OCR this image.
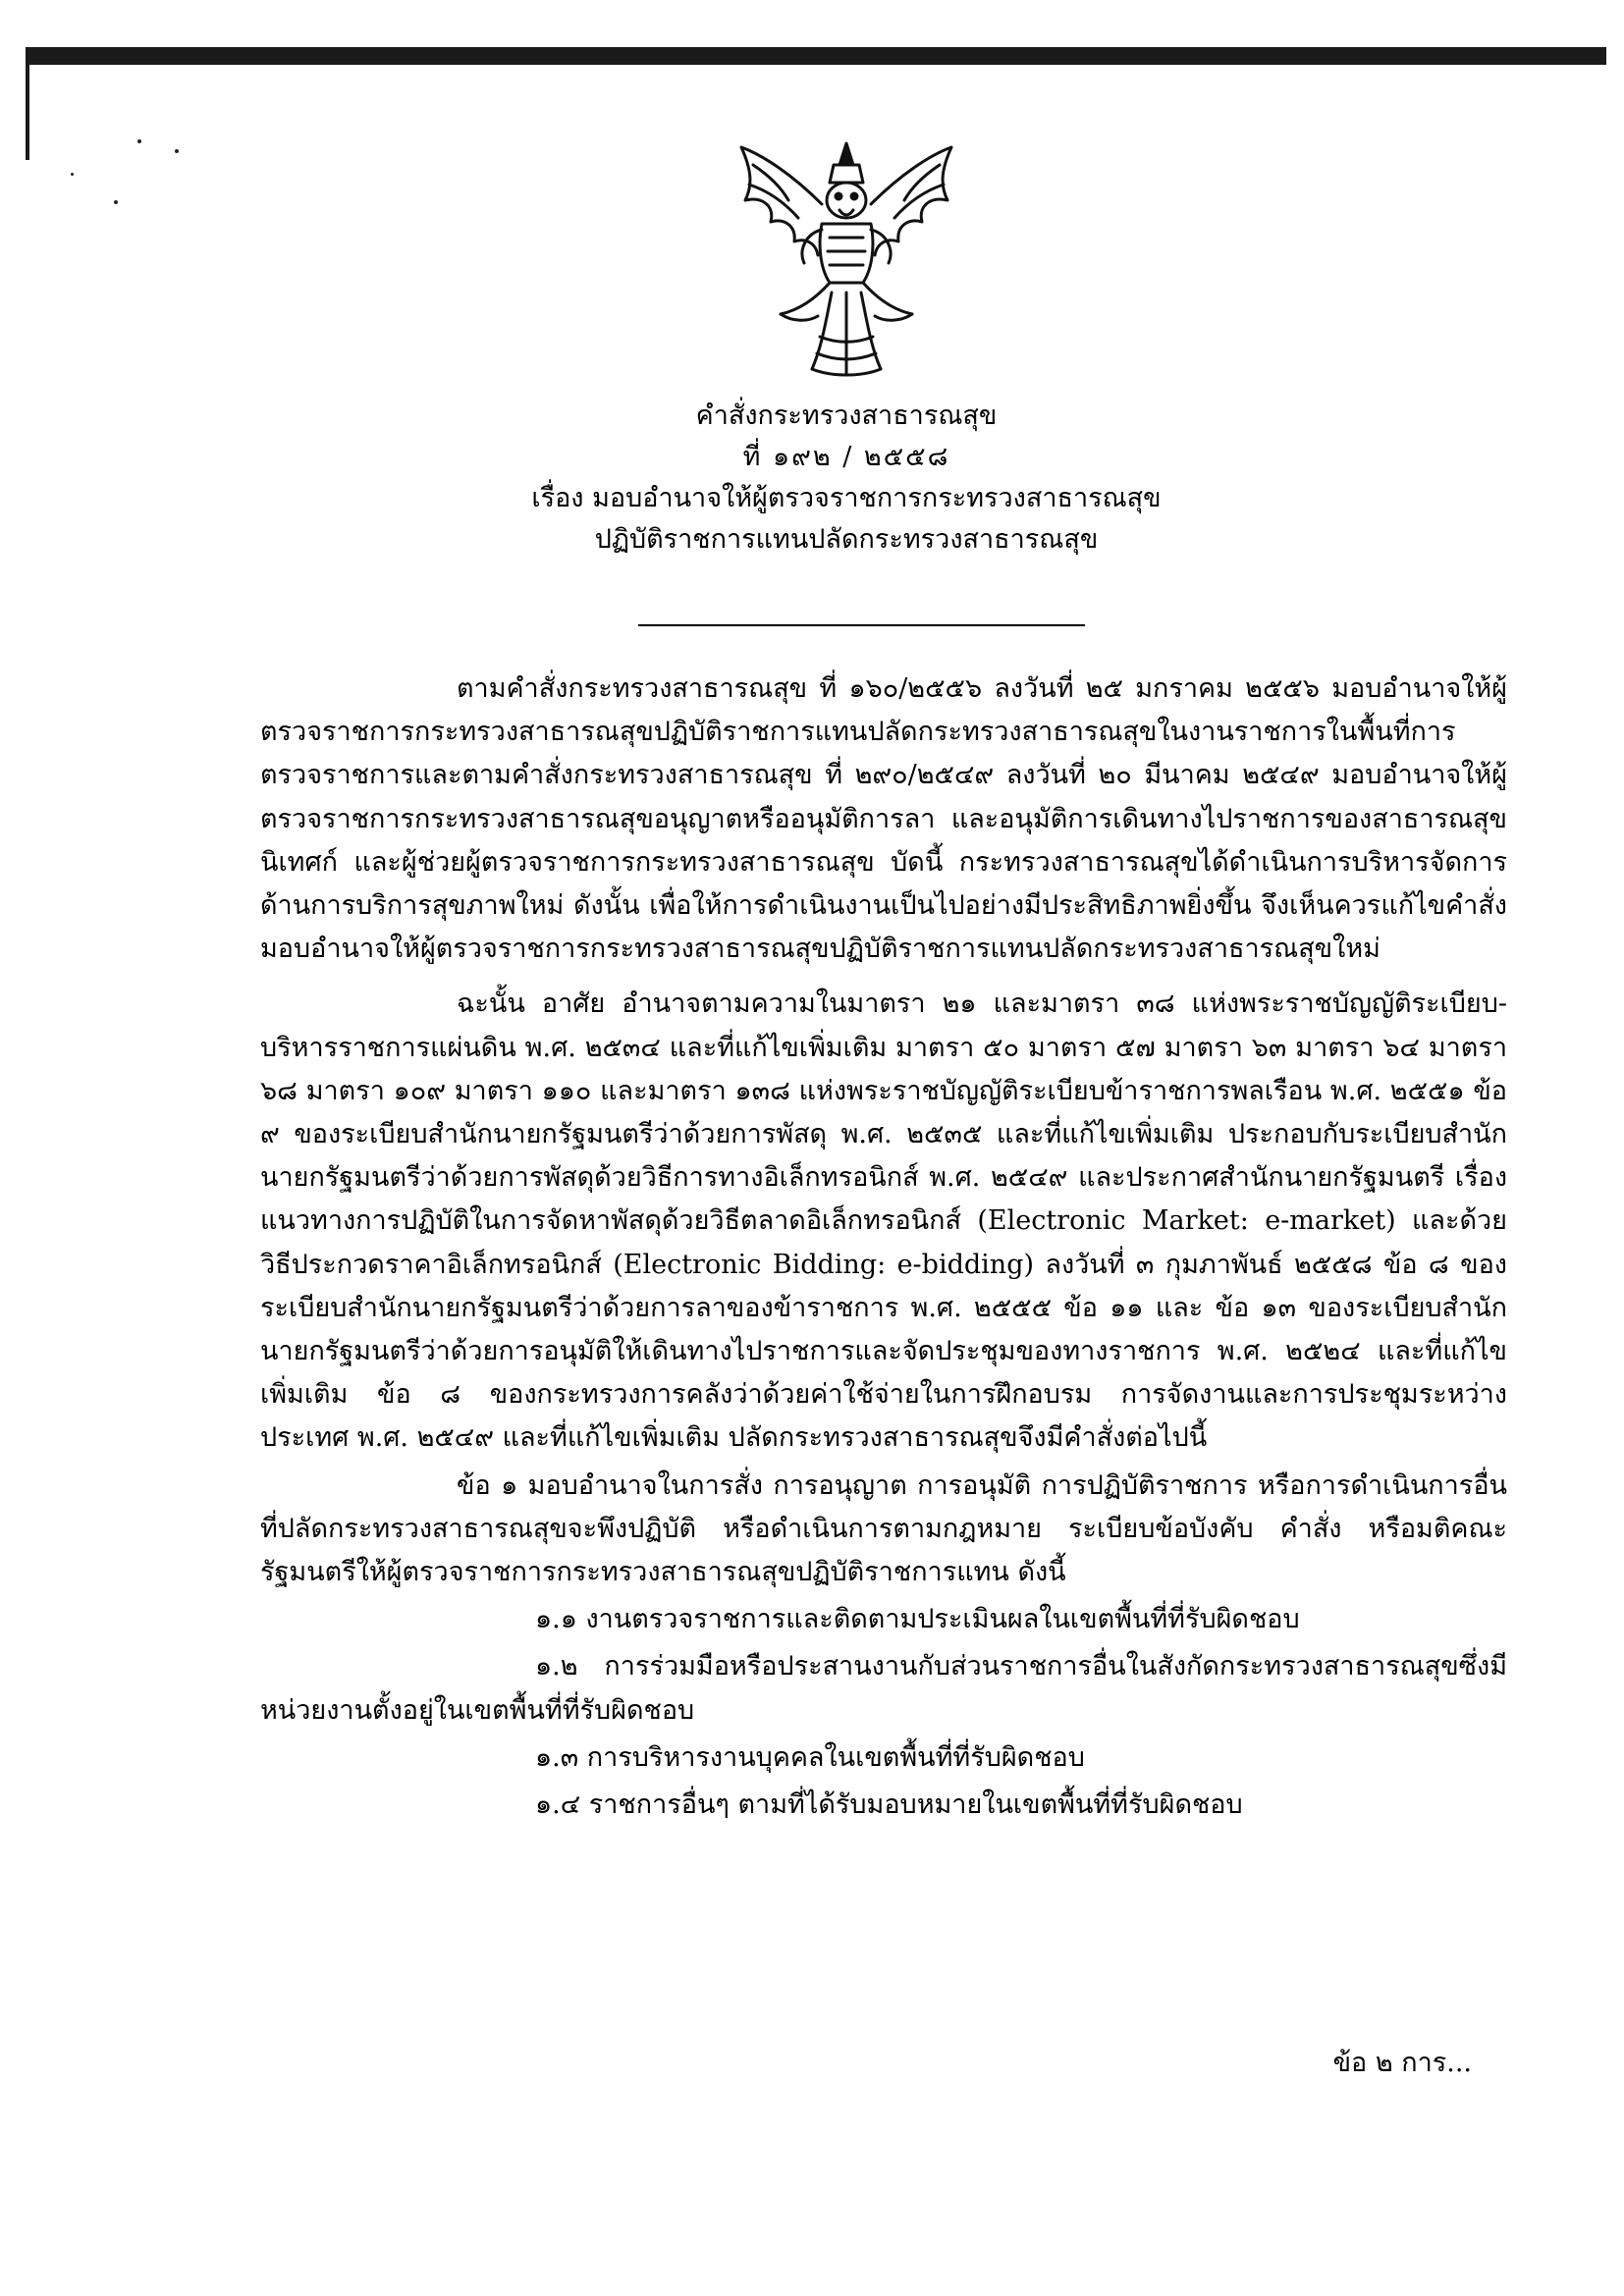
คำสั่งกระทรวงสาธารณสุข
ที่ ๑๙๒ / ๒๕๕๘
เรื่อง มอบอำนาจให้ผู้ตรวจราชการกระทรวงสาธารณสุข
ปฏิบัติราชการแทนปลัดกระทรวงสาธารณสุข

ตามคำสั่งกระทรวงสาธารณสุข ที่ ๑๖๐/๒๕๕๖ ลงวันที่ ๒๕ มกราคม ๒๕๕๖ มอบอำนาจให้ผู้ตรวจราชการกระทรวงสาธารณสุขปฏิบัติราชการแทนปลัดกระทรวงสาธารณสุขในงานราชการในพื้นที่การตรวจราชการและตามคำสั่งกระทรวงสาธารณสุข ที่ ๒๙๐/๒๕๔๙ ลงวันที่ ๒๐ มีนาคม ๒๕๔๙ มอบอำนาจให้ผู้ตรวจราชการกระทรวงสาธารณสุขอนุญาตหรืออนุมัติการลา และอนุมัติการเดินทางไปราชการของสาธารณสุขนิเทศก์ และผู้ช่วยผู้ตรวจราชการกระทรวงสาธารณสุข บัดนี้ กระทรวงสาธารณสุขได้ดำเนินการบริหารจัดการด้านการบริการสุขภาพใหม่ ดังนั้น เพื่อให้การดำเนินงานเป็นไปอย่างมีประสิทธิภาพยิ่งขึ้น จึงเห็นควรแก้ไขคำสั่งมอบอำนาจให้ผู้ตรวจราชการกระทรวงสาธารณสุขปฏิบัติราชการแทนปลัดกระทรวงสาธารณสุขใหม่

ฉะนั้น อาศัย อำนาจตามความในมาตรา ๒๑ และมาตรา ๓๘ แห่งพระราชบัญญัติระเบียบ-บริหารราชการแผ่นดิน พ.ศ. ๒๕๓๔ และที่แก้ไขเพิ่มเติม มาตรา ๕๐ มาตรา ๕๗ มาตรา ๖๓ มาตรา ๖๔ มาตรา ๖๘ มาตรา ๑๐๙ มาตรา ๑๑๐ และมาตรา ๑๓๘ แห่งพระราชบัญญัติระเบียบข้าราชการพลเรือน พ.ศ. ๒๕๕๑ ข้อ ๙ ของระเบียบสำนักนายกรัฐมนตรีว่าด้วยการพัสดุ พ.ศ. ๒๕๓๕ และที่แก้ไขเพิ่มเติม ประกอบกับระเบียบสำนักนายกรัฐมนตรีว่าด้วยการพัสดุด้วยวิธีการทางอิเล็กทรอนิกส์ พ.ศ. ๒๕๔๙ และประกาศสำนักนายกรัฐมนตรี เรื่อง แนวทางการปฏิบัติในการจัดหาพัสดุด้วยวิธีตลาดอิเล็กทรอนิกส์ (Electronic Market: e-market) และด้วยวิธีประกวดราคาอิเล็กทรอนิกส์ (Electronic Bidding: e-bidding) ลงวันที่ ๓ กุมภาพันธ์ ๒๕๕๘ ข้อ ๘ ของระเบียบสำนักนายกรัฐมนตรีว่าด้วยการลาของข้าราชการ พ.ศ. ๒๕๕๕ ข้อ ๑๑ และ ข้อ ๑๓ ของระเบียบสำนักนายกรัฐมนตรีว่าด้วยการอนุมัติให้เดินทางไปราชการและจัดประชุมของทางราชการ พ.ศ. ๒๕๒๔ และที่แก้ไขเพิ่มเติม ข้อ ๘ ของกระทรวงการคลังว่าด้วยค่าใช้จ่ายในการฝึกอบรม การจัดงานและการประชุมระหว่างประเทศ พ.ศ. ๒๕๔๙ และที่แก้ไขเพิ่มเติม ปลัดกระทรวงสาธารณสุขจึงมีคำสั่งต่อไปนี้

ข้อ ๑ มอบอำนาจในการสั่ง การอนุญาต การอนุมัติ การปฏิบัติราชการ หรือการดำเนินการอื่นที่ปลัดกระทรวงสาธารณสุขจะพึงปฏิบัติ หรือดำเนินการตามกฎหมาย ระเบียบข้อบังคับ คำสั่ง หรือมติคณะรัฐมนตรีให้ผู้ตรวจราชการกระทรวงสาธารณสุขปฏิบัติราชการแทน ดังนี้

๑.๑ งานตรวจราชการและติดตามประเมินผลในเขตพื้นที่ที่รับผิดชอบ

๑.๒ การร่วมมือหรือประสานงานกับส่วนราชการอื่นในสังกัดกระทรวงสาธารณสุขซึ่งมีหน่วยงานตั้งอยู่ในเขตพื้นที่ที่รับผิดชอบ

๑.๓ การบริหารงานบุคคลในเขตพื้นที่ที่รับผิดชอบ

๑.๔ ราชการอื่นๆ ตามที่ได้รับมอบหมายในเขตพื้นที่ที่รับผิดชอบ

ข้อ ๒ การ...
